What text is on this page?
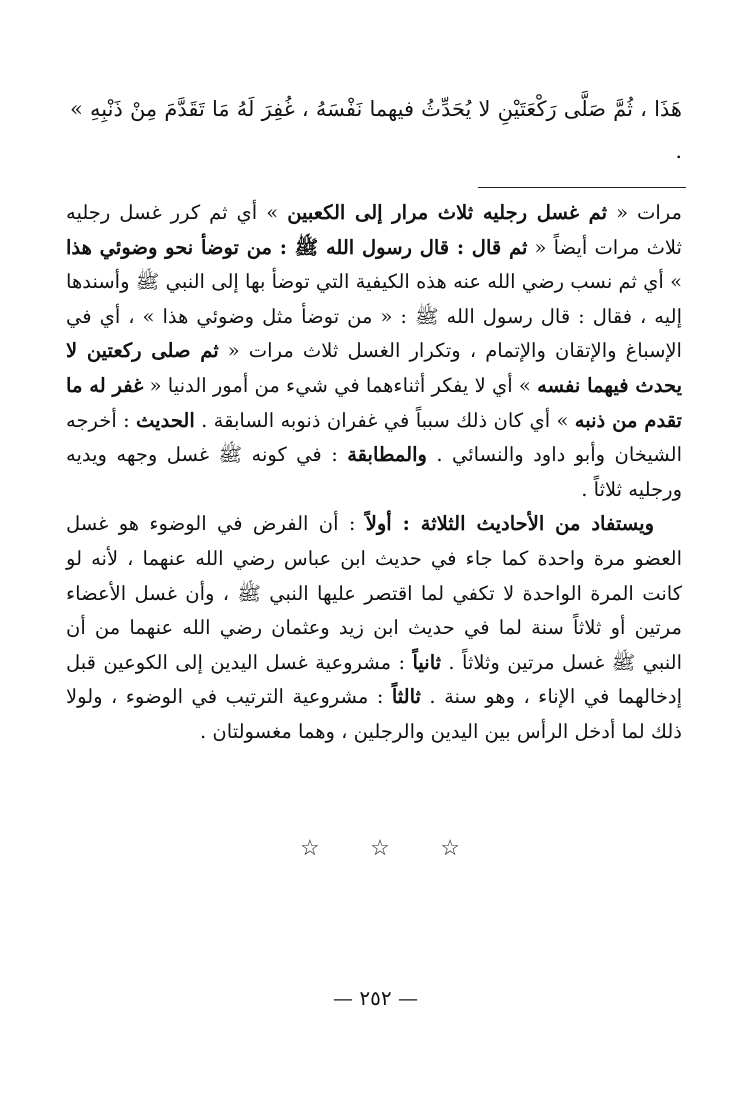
هَذَا ، ثُمَّ صَلَّى رَكْعَتَيْنِ لا يُحَدِّثُ فيهما نَفْسَهُ ، غُفِرَ لَهُ مَا تَقَدَّمَ مِنْ ذَنْبِهِ » .

مرات « ثم غسل رجليه ثلاث مرار إلى الكعبين » أي ثم كرر غسل رجليه ثلاث مرات أيضاً « ثم قال : قال رسول الله ﷺ : من توضأ نحو وضوئي هذا » أي ثم نسب رضي الله عنه هذه الكيفية التي توضأ بها إلى النبي ﷺ وأسندها إليه ، فقال : قال رسول الله ﷺ : « من توضأ مثل وضوئي هذا » ، أي في الإسباغ والإتقان والإتمام ، وتكرار الغسل ثلاث مرات « ثم صلى ركعتين لا يحدث فيهما نفسه » أي لا يفكر أثناءهما في شيء من أمور الدنيا « غفر له ما تقدم من ذنبه » أي كان ذلك سبباً في غفران ذنوبه السابقة . الحديث : أخرجه الشيخان وأبو داود والنسائي . والمطابقة : في كونه ﷺ غسل وجهه ويديه ورجليه ثلاثاً .

ويستفاد من الأحاديث الثلاثة : أولاً : أن الفرض في الوضوء هو غسل العضو مرة واحدة كما جاء في حديث ابن عباس رضي الله عنهما ، لأنه لو كانت المرة الواحدة لا تكفي لما اقتصر عليها النبي ﷺ ، وأن غسل الأعضاء مرتين أو ثلاثاً سنة لما في حديث ابن زيد وعثمان رضي الله عنهما من أن النبي ﷺ غسل مرتين وثلاثاً . ثانياً : مشروعية غسل اليدين إلى الكوعين قبل إدخالهما في الإناء ، وهو سنة . ثالثاً : مشروعية الترتيب في الوضوء ، ولولا ذلك لما أدخل الرأس بين اليدين والرجلين ، وهما مغسولتان .

☆ ☆ ☆
— ٢٥٢ —
